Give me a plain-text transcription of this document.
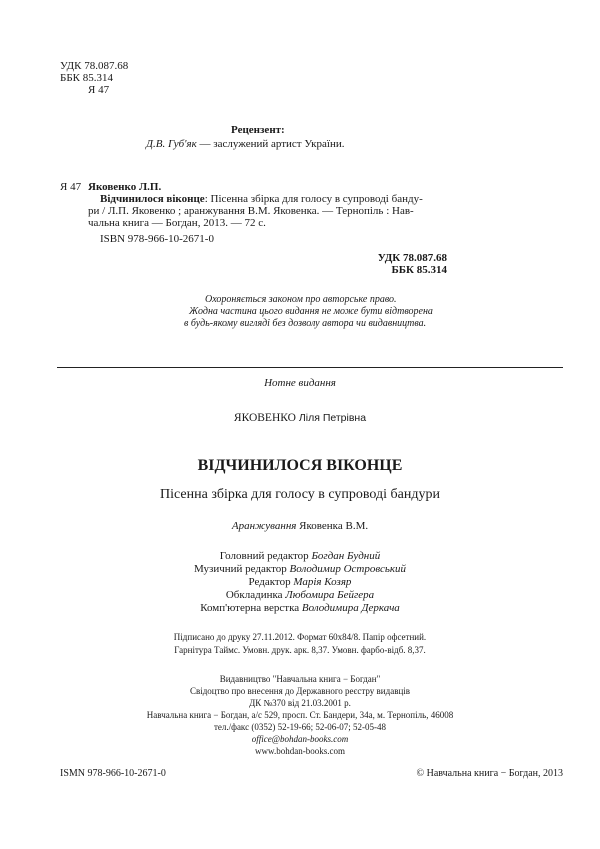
УДК 78.087.68
ББК 85.314
Я 47
Рецензент:
Д.В. Губ'як — заслужений артист України.
Я 47 Яковенко Л.П.
Відчинилося віконце: Пісенна збірка для голосу в супроводі банду-
ри / Л.П. Яковенко ; аранжування В.М. Яковенка. — Тернопіль : Нав-
чальна книга — Богдан, 2013. — 72 с.
ISBN 978-966-10-2671-0
УДК 78.087.68
ББК 85.314
Охороняється законом про авторське право.
Жодна частина цього видання не може бути відтворена
в будь-якому вигляді без дозволу автора чи видавництва.
Нотне видання
ЯКОВЕНКО Ліля Петрівна
ВІДЧИНИЛОСЯ ВІКОНЦЕ
Пісенна збірка для голосу в супроводі бандури
Аранжування Яковенка В.М.
Головний редактор Богдан Будний
Музичний редактор Володимир Островський
Редактор Марія Козяр
Обкладинка Любомира Бейгера
Комп'ютерна верстка Володимира Деркача
Підписано до друку 27.11.2012. Формат 60х84/8. Папір офсетний.
Гарнітура Таймс. Умовн. друк. арк. 8,37. Умовн. фарбо-відб. 8,37.
Видавництво "Навчальна книга − Богдан"
Свідоцтво про внесення до Державного реєстру видавців
ДК №370 від 21.03.2001 р.
Навчальна книга − Богдан, а/с 529, просп. Ст. Бандери, 34а, м. Тернопіль, 46008
тел./факс (0352) 52-19-66; 52-06-07; 52-05-48
office@bohdan-books.com
www.bohdan-books.com
ISMN 978-966-10-2671-0	© Навчальна книга − Богдан, 2013
